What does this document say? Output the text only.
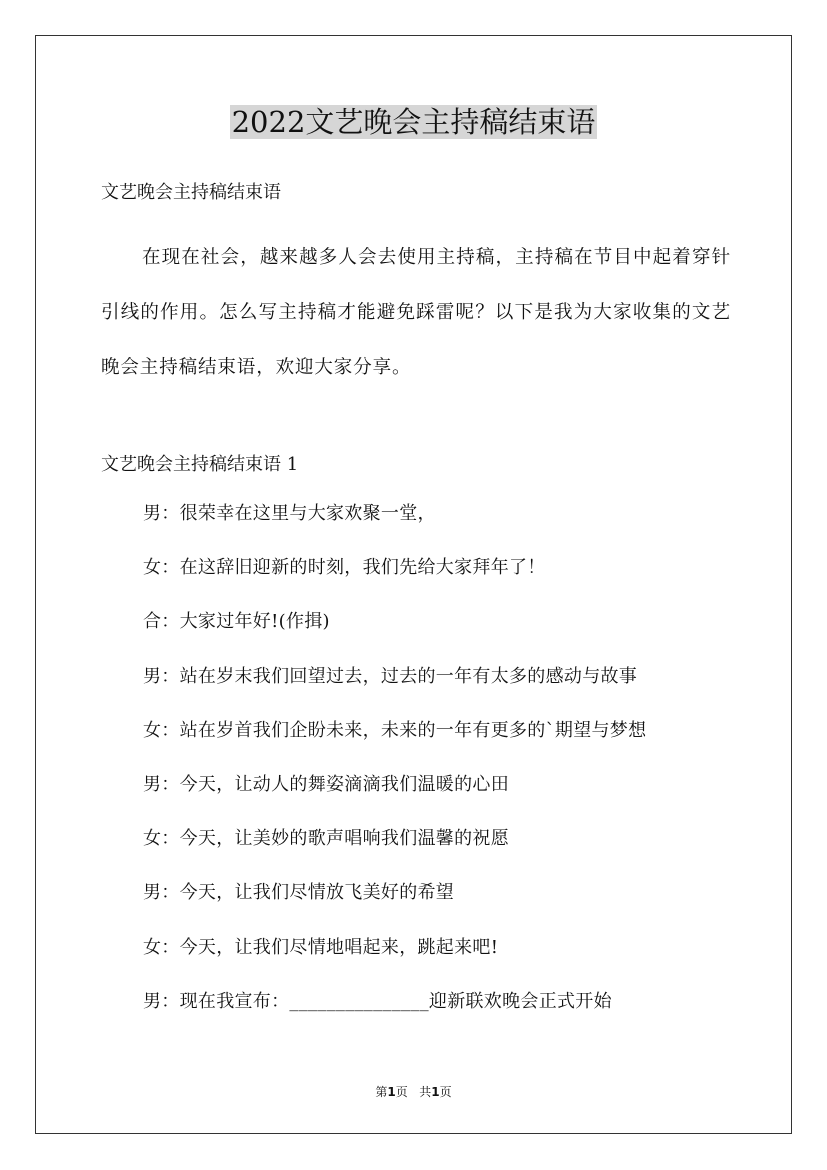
2022文艺晚会主持稿结束语
文艺晚会主持稿结束语

在现在社会，越来越多人会去使用主持稿，主持稿在节目中起着穿针引线的作用。怎么写主持稿才能避免踩雷呢？以下是我为大家收集的文艺晚会主持稿结束语，欢迎大家分享。

文艺晚会主持稿结束语 1
男：很荣幸在这里与大家欢聚一堂，
女：在这辞旧迎新的时刻，我们先给大家拜年了！
合：大家过年好!(作揖)
男：站在岁末我们回望过去，过去的一年有太多的感动与故事
女：站在岁首我们企盼未来，未来的一年有更多的`期望与梦想
男：今天，让动人的舞姿滴滴我们温暖的心田
女：今天，让美妙的歌声唱响我们温馨的祝愿
男：今天，让我们尽情放飞美好的希望
女：今天，让我们尽情地唱起来，跳起来吧!
男：现在我宣布：_______________迎新联欢晚会正式开始
第1页 共1页
